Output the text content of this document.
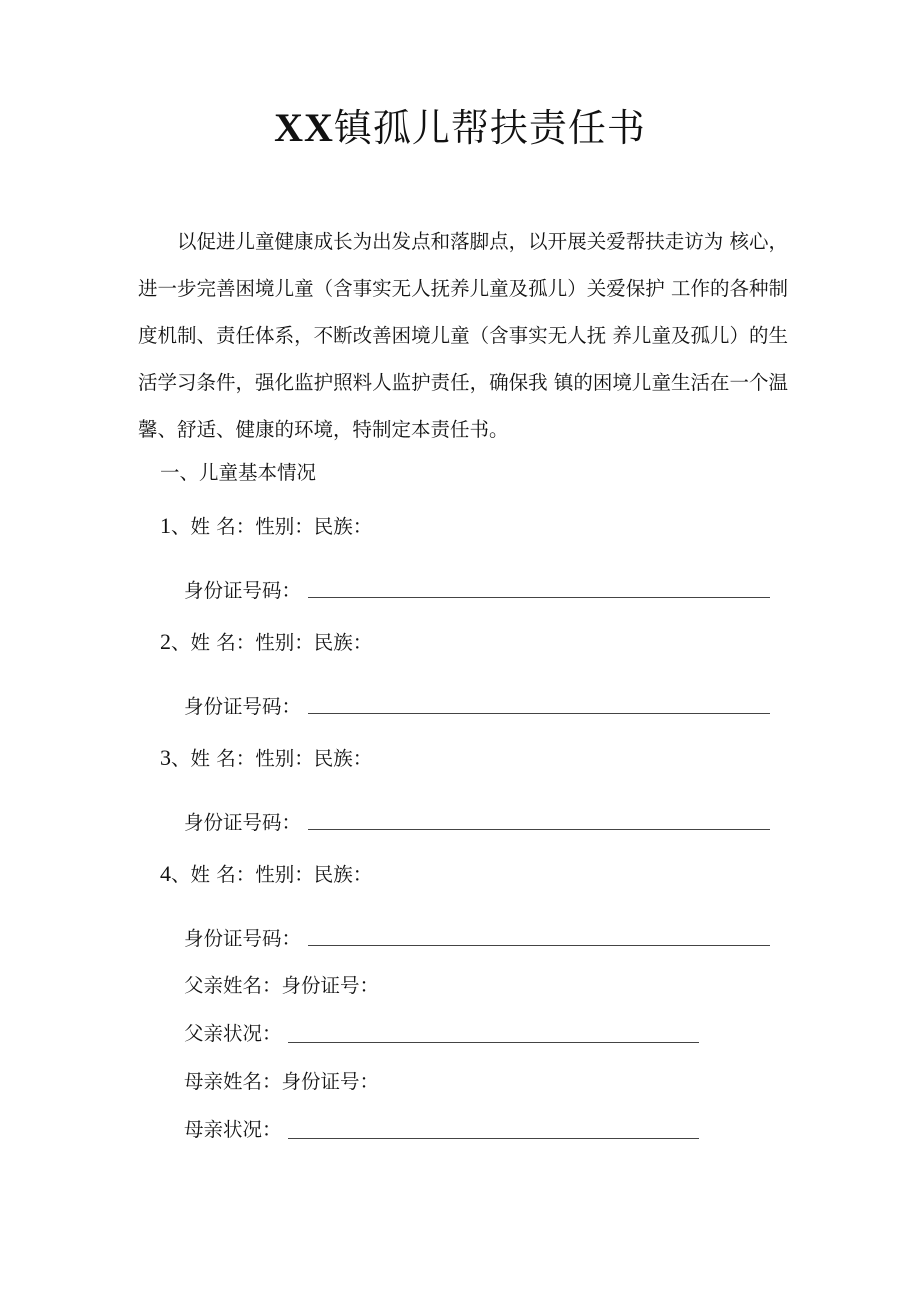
XX镇孤儿帮扶责任书

以促进儿童健康成长为出发点和落脚点，以开展关爱帮扶走访为 核心，进一步完善困境儿童（含事实无人抚养儿童及孤儿）关爱保护 工作的各种制度机制、责任体系，不断改善困境儿童（含事实无人抚 养儿童及孤儿）的生活学习条件，强化监护照料人监护责任，确保我 镇的困境儿童生活在一个温馨、舒适、健康的环境，特制定本责任书。

一、儿童基本情况
1、姓 名：性别：民族：
身份证号码：
2、姓 名：性别：民族：
身份证号码：
3、姓 名：性别：民族：
身份证号码：
4、姓 名：性别：民族：
身份证号码：
父亲姓名：身份证号：
父亲状况：
母亲姓名：身份证号：
母亲状况：
